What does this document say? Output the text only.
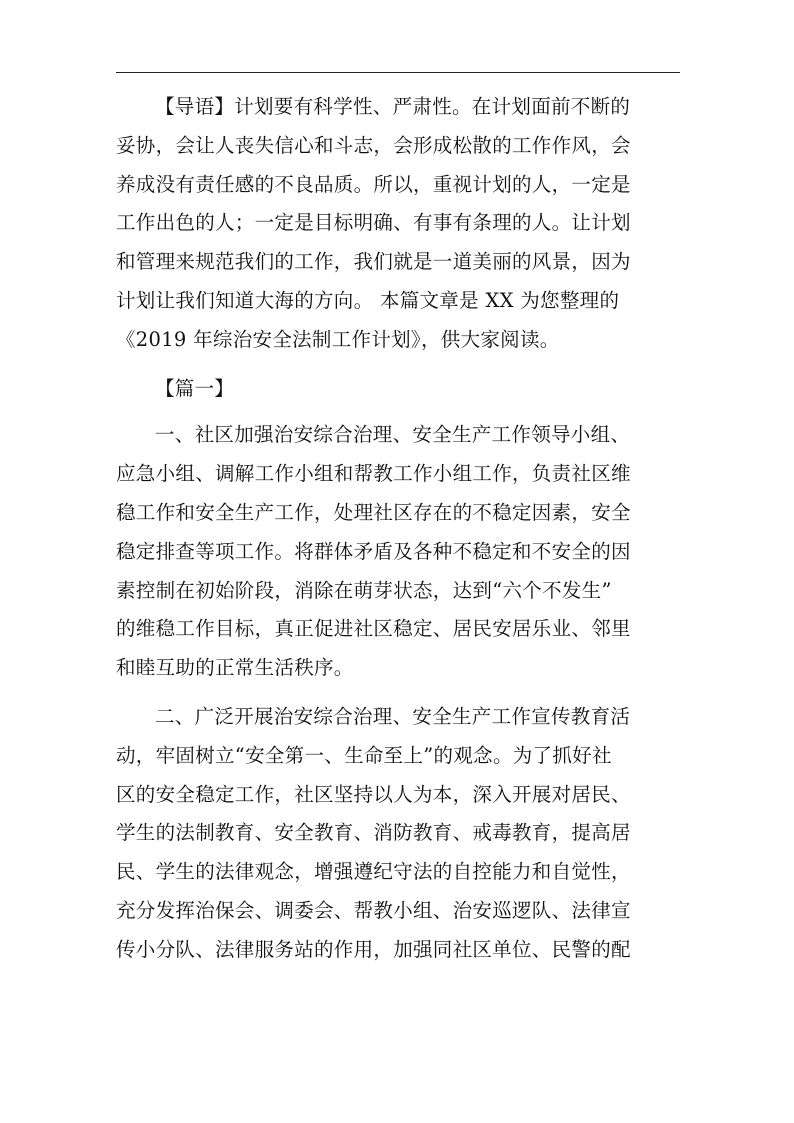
【导语】计划要有科学性、严肃性。在计划面前不断的
妥协，会让人丧失信心和斗志，会形成松散的工作作风，会
养成没有责任感的不良品质。所以，重视计划的人，一定是
工作出色的人；一定是目标明确、有事有条理的人。让计划
和管理来规范我们的工作，我们就是一道美丽的风景，因为
计划让我们知道大海的方向。 本篇文章是 XX 为您整理的
《2019 年综治安全法制工作计划》，供大家阅读。

【篇一】

一、社区加强治安综合治理、安全生产工作领导小组、
应急小组、调解工作小组和帮教工作小组工作，负责社区维
稳工作和安全生产工作，处理社区存在的不稳定因素，安全
稳定排查等项工作。将群体矛盾及各种不稳定和不安全的因
素控制在初始阶段，消除在萌芽状态，达到“六个不发生”
的维稳工作目标，真正促进社区稳定、居民安居乐业、邻里
和睦互助的正常生活秩序。

二、广泛开展治安综合治理、安全生产工作宣传教育活
动，牢固树立“安全第一、生命至上”的观念。为了抓好社
区的安全稳定工作，社区坚持以人为本，深入开展对居民、
学生的法制教育、安全教育、消防教育、戒毒教育，提高居
民、学生的法律观念，增强遵纪守法的自控能力和自觉性，
充分发挥治保会、调委会、帮教小组、治安巡逻队、法律宣
传小分队、法律服务站的作用，加强同社区单位、民警的配
